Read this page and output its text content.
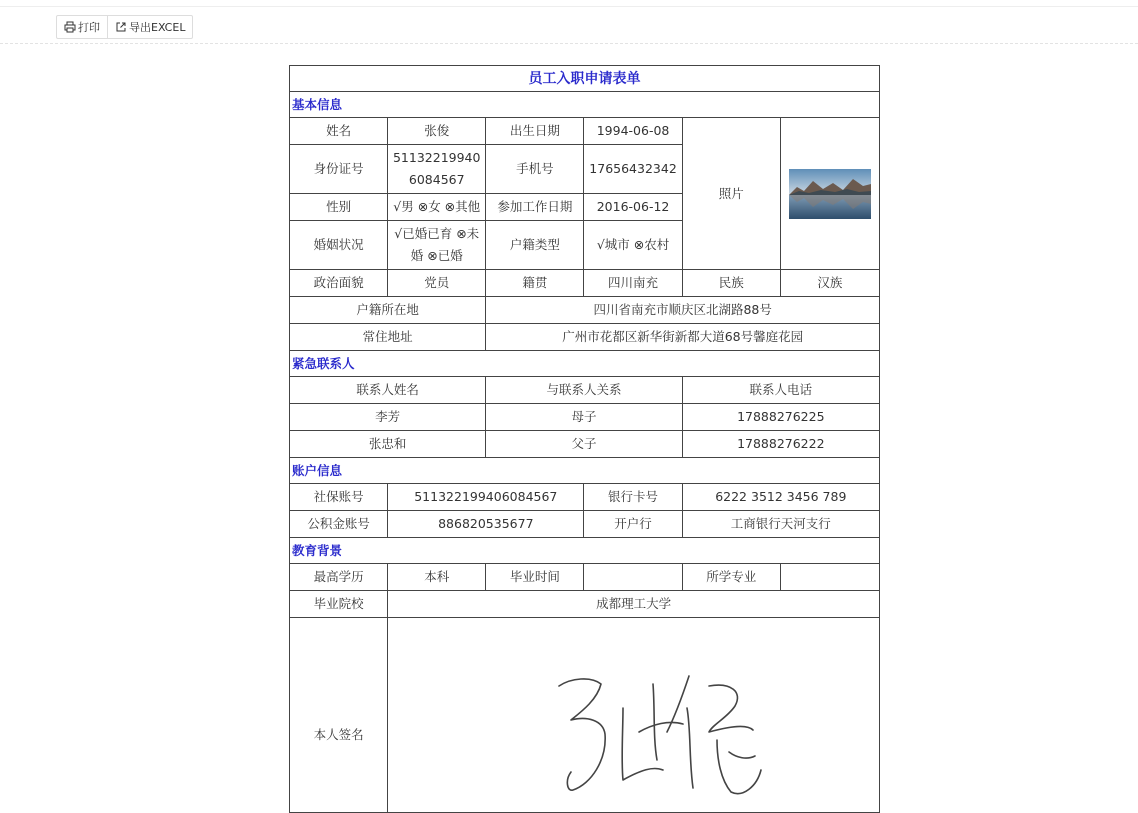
打印	导出EXCEL
员工入职申请表单					
基本信息					
姓名	张俊	出生日期	1994-06-08	照片	

身份证号	511322199406084567	手机号	17656432342		
性别	√男 ⊗女 ⊗其他	参加工作日期	2016-06-12		
婚姻状况	√已婚已育 ⊗未婚 ⊗已婚	户籍类型	√城市 ⊗农村		
政治面貌	党员	籍贯	四川南充	民族	汉族
户籍所在地		四川省南充市顺庆区北湖路88号			
常住地址		广州市花都区新华街新都大道68号馨庭花园			
紧急联系人					
联系人姓名		与联系人关系		联系人电话	
李芳		母子		17888276225	
张忠和		父子		17888276222	
账户信息					
社保账号	511322199406084567		银行卡号	6222 3512 3456 789	
公积金账号	886820535677		开户行	工商银行天河支行	
教育背景					
最高学历	本科	毕业时间		所学专业	
毕业院校	成都理工大学				
本人签名	
